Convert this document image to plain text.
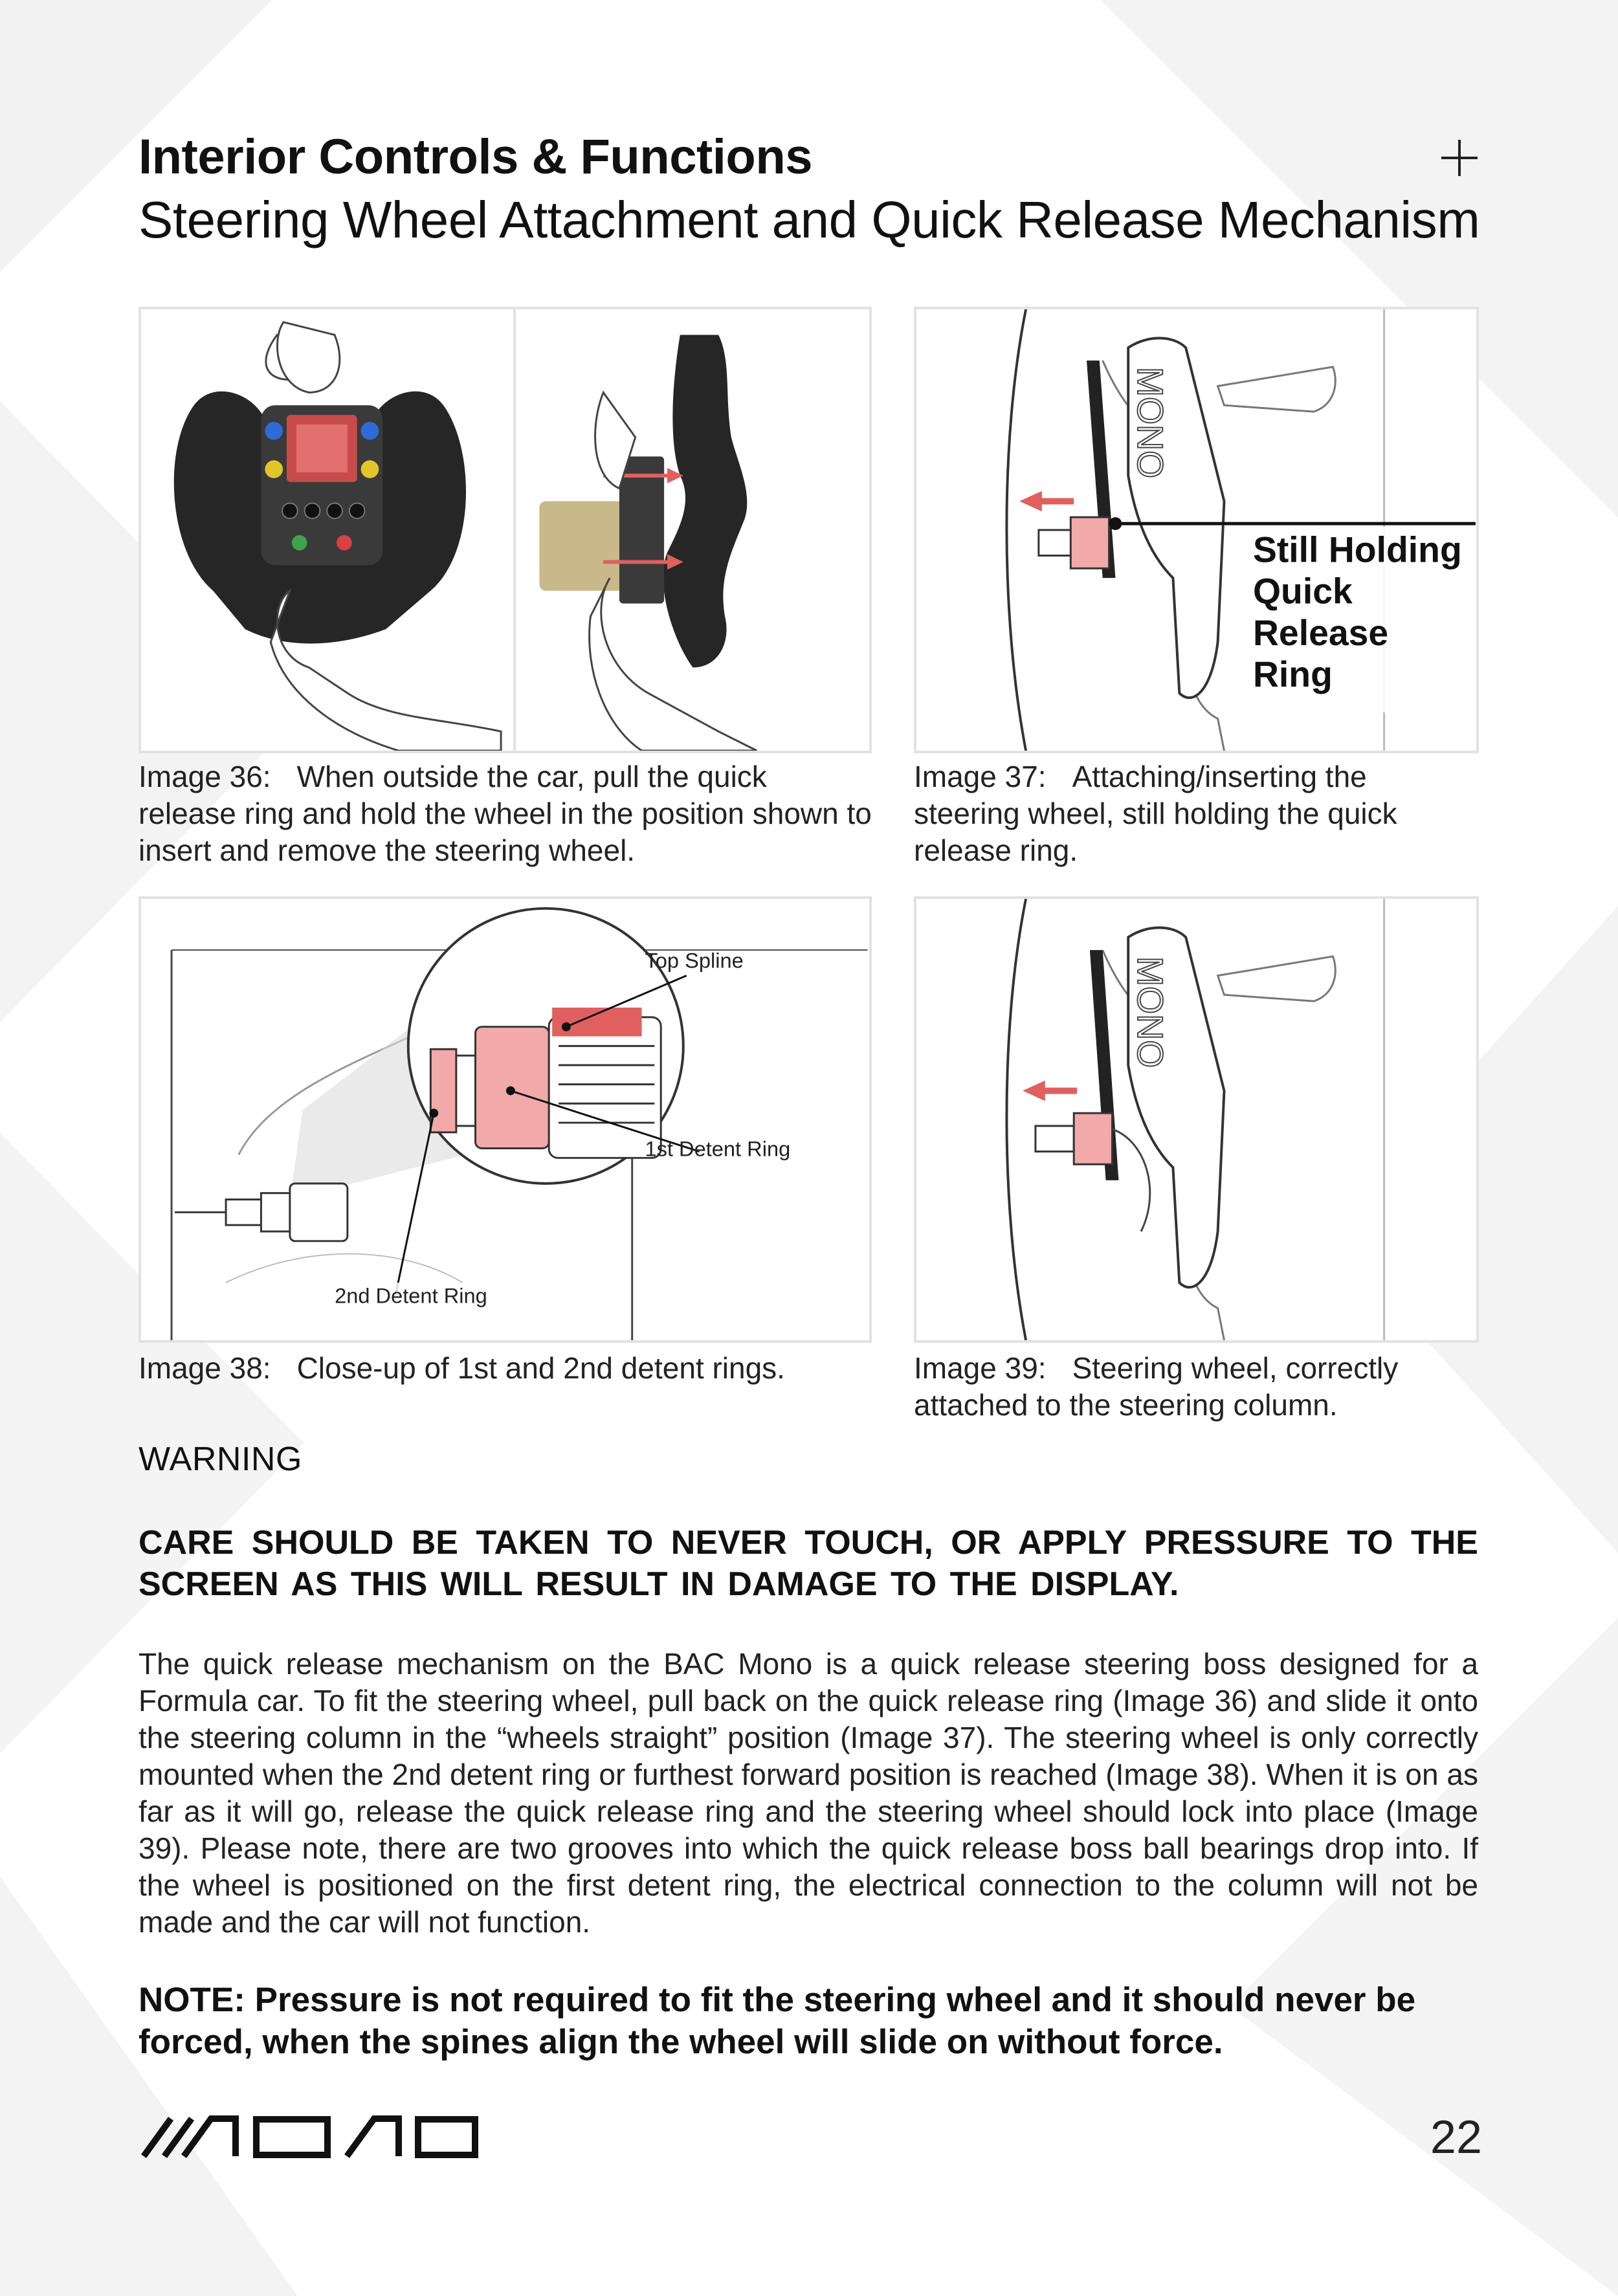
Interior Controls & Functions
Steering Wheel Attachment and Quick Release Mechanism
Image 36: When outside the car, pull the quick release ring and hold the wheel in the position shown to insert and remove the steering wheel.
MONO
Still Holding
Quick
Release
Ring
Image 37: Attaching/inserting the steering wheel, still holding the quick release ring.
Top Spline
1st Detent Ring
2nd Detent Ring
Image 38: Close-up of 1st and 2nd detent rings.
MONO
Image 39: Steering wheel, correctly attached to the steering column.
WARNING
CARE SHOULD BE TAKEN TO NEVER TOUCH, OR APPLY PRESSURE TO THE SCREEN AS THIS WILL RESULT IN DAMAGE TO THE DISPLAY.
The quick release mechanism on the BAC Mono is a quick release steering boss designed for a Formula car. To fit the steering wheel, pull back on the quick release ring (Image 36) and slide it onto the steering column in the “wheels straight” position (Image 37). The steering wheel is only correctly mounted when the 2nd detent ring or furthest forward position is reached (Image 38). When it is on as far as it will go, release the quick release ring and the steering wheel should lock into place (Image 39). Please note, there are two grooves into which the quick release boss ball bearings drop into. If the wheel is positioned on the first detent ring, the electrical connection to the column will not be made and the car will not function.
NOTE: Pressure is not required to fit the steering wheel and it should never be forced, when the spines align the wheel will slide on without force.
22
